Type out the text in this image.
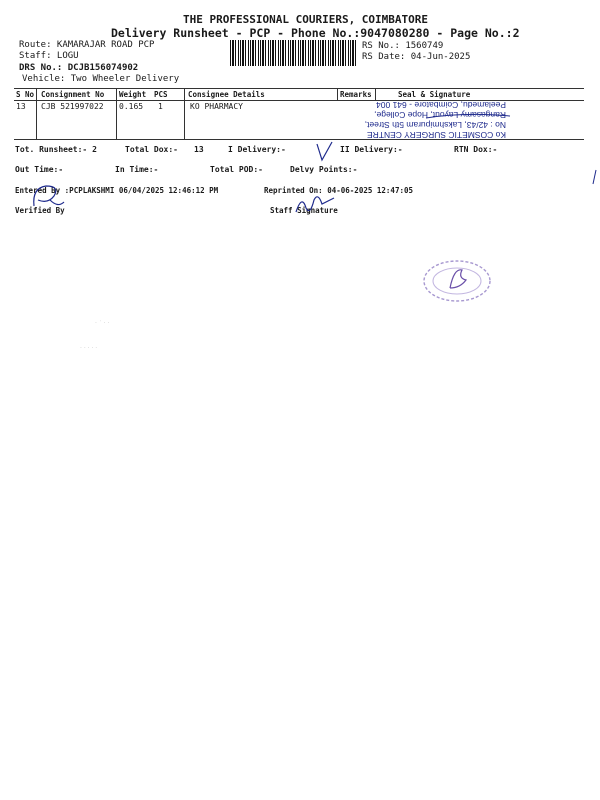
THE PROFESSIONAL COURIERS, COIMBATORE
Delivery Runsheet - PCP - Phone No.:9047080280 - Page No.:2
Route: KAMARAJAR ROAD PCP
Staff: LOGU
DRS No.: DCJB156074902
Vehicle: Two Wheeler Delivery
RS No.: 1560749
RS Date: 04-Jun-2025
S No Consignment No Weight PCS	Consignee Details	Remarks	Seal & Signature
13 CJB 521997022 0.165 1	KO PHARMACY
Ko COSMETIC SURGERY CENTRE
No : 42/43, Lakshmipuram 5th Street,
Rangasamy Layout, Hope College,
Peelamedu, Coimbatore - 641 004
Tot. Runsheet:- 2	Total Dox:- 13	I Delivery:-	II Delivery:-	RTN Dox:-
Out Time:-	In Time:-	Total POD:-	Delvy Points:-
Entered By :PCPLAKSHMI 06/04/2025 12:46:12 PM	Reprinted On: 04-06-2025 12:47:05
Verified By	Staff Signature
· ˙ · ·
· · · · ·
